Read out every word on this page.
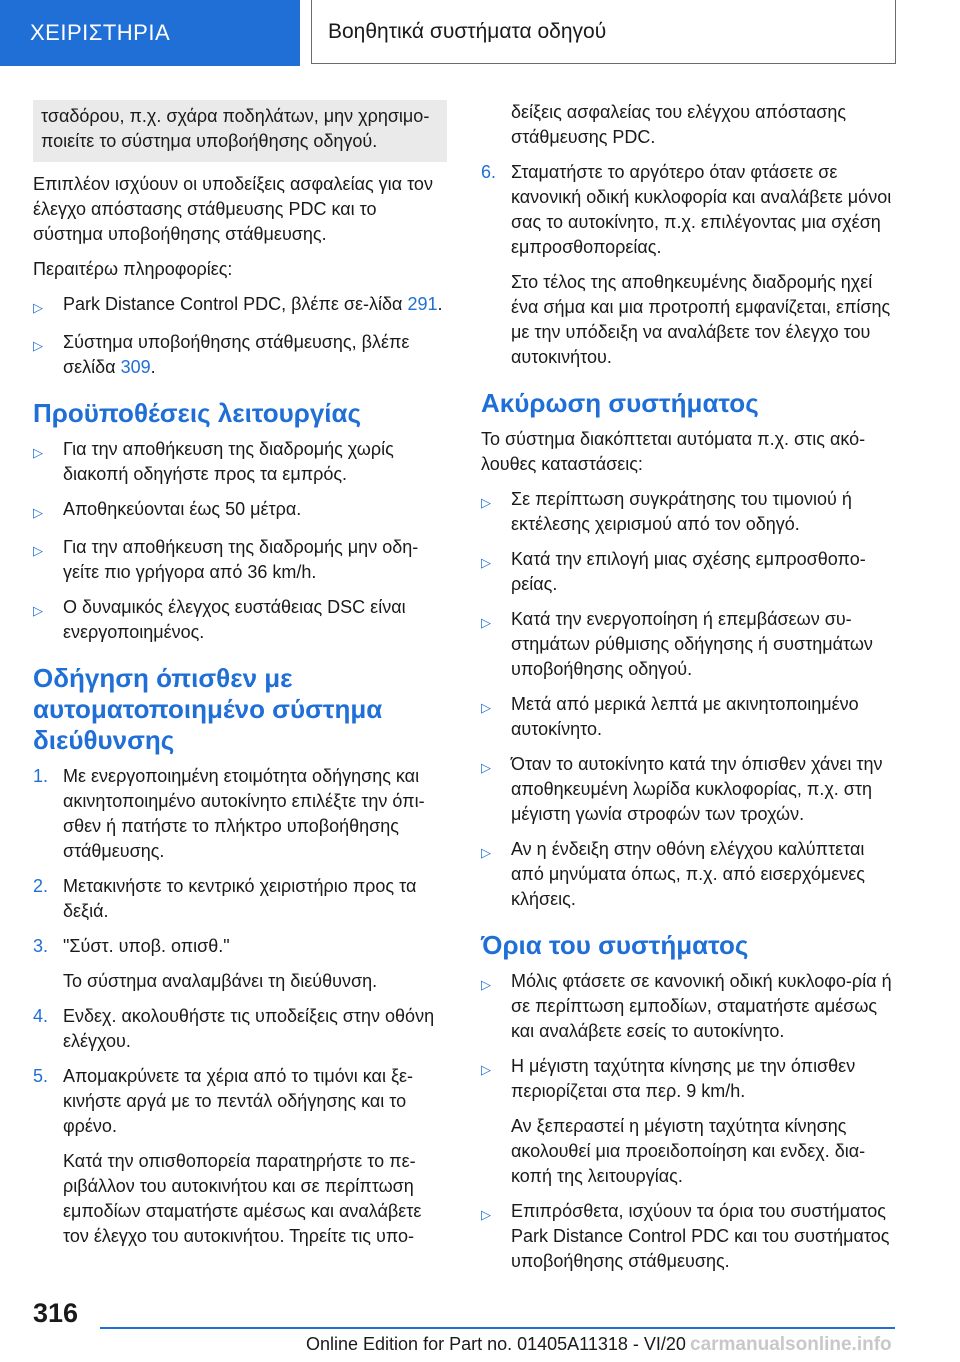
ΧΕΙΡΙΣΤΗΡΙΑ	Βοηθητικά συστήματα οδηγού
τσαδόρου, π.χ. σχάρα ποδηλάτων, μην χρησιμο-ποιείτε το σύστημα υποβοήθησης οδηγού.

Επιπλέον ισχύουν οι υποδείξεις ασφαλείας για τον έλεγχο απόστασης στάθμευσης PDC και το σύστημα υποβοήθησης στάθμευσης.

Περαιτέρω πληροφορίες:

▷	Park Distance Control PDC, βλέπε σε-λίδα 291.
▷	Σύστημα υποβοήθησης στάθμευσης, βλέπε σελίδα 309.
Προϋποθέσεις λειτουργίας
▷	Για την αποθήκευση της διαδρομής χωρίς διακοπή οδηγήστε προς τα εμπρός.
▷	Αποθηκεύονται έως 50 μέτρα.
▷	Για την αποθήκευση της διαδρομής μην οδη-γείτε πιο γρήγορα από 36 km/h.
▷	Ο δυναμικός έλεγχος ευστάθειας DSC είναι ενεργοποιημένος.
Οδήγηση όπισθεν με αυτοματοποιημένο σύστημα διεύθυνσης
1. Με ενεργοποιημένη ετοιμότητα οδήγησης και ακινητοποιημένο αυτοκίνητο επιλέξτε την όπι-σθεν ή πατήστε το πλήκτρο υποβοήθησης στάθμευσης.
2. Μετακινήστε το κεντρικό χειριστήριο προς τα δεξιά.
3. "Σύστ. υποβ. οπισθ."
Το σύστημα αναλαμβάνει τη διεύθυνση.
4. Ενδεχ. ακολουθήστε τις υποδείξεις στην οθόνη ελέγχου.
5. Απομακρύνετε τα χέρια από το τιμόνι και ξε-κινήστε αργά με το πεντάλ οδήγησης και το φρένο.
Κατά την οπισθοπορεία παρατηρήστε το πε-ριβάλλον του αυτοκινήτου και σε περίπτωση εμποδίων σταματήστε αμέσως και αναλάβετε τον έλεγχο του αυτοκινήτου. Τηρείτε τις υπο-
δείξεις ασφαλείας του ελέγχου απόστασης στάθμευσης PDC.
6. Σταματήστε το αργότερο όταν φτάσετε σε κανονική οδική κυκλοφορία και αναλάβετε μόνοι σας το αυτοκίνητο, π.χ. επιλέγοντας μια σχέση εμπροσθοπορείας.
Στο τέλος της αποθηκευμένης διαδρομής ηχεί ένα σήμα και μια προτροπή εμφανίζεται, επίσης με την υπόδειξη να αναλάβετε τον έλεγχο του αυτοκινήτου.
Ακύρωση συστήματος

Το σύστημα διακόπτεται αυτόματα π.χ. στις ακό-λουθες καταστάσεις:

▷	Σε περίπτωση συγκράτησης του τιμονιού ή εκτέλεσης χειρισμού από τον οδηγό.
▷	Κατά την επιλογή μιας σχέσης εμπροσθοπο-ρείας.
▷	Κατά την ενεργοποίηση ή επεμβάσεων συ-στημάτων ρύθμισης οδήγησης ή συστημάτων υποβοήθησης οδηγού.
▷	Μετά από μερικά λεπτά με ακινητοποιημένο αυτοκίνητο.
▷	Όταν το αυτοκίνητο κατά την όπισθεν χάνει την αποθηκευμένη λωρίδα κυκλοφορίας, π.χ. στη μέγιστη γωνία στροφών των τροχών.
▷	Αν η ένδειξη στην οθόνη ελέγχου καλύπτεται από μηνύματα όπως, π.χ. από εισερχόμενες κλήσεις.
Όρια του συστήματος
▷	Μόλις φτάσετε σε κανονική οδική κυκλοφο-ρία ή σε περίπτωση εμποδίων, σταματήστε αμέσως και αναλάβετε εσείς το αυτοκίνητο.
▷	Η μέγιστη ταχύτητα κίνησης με την όπισθεν περιορίζεται στα περ. 9 km/h.
Αν ξεπεραστεί η μέγιστη ταχύτητα κίνησης ακολουθεί μια προειδοποίηση και ενδεχ. δια-κοπή της λειτουργίας.
▷	Επιπρόσθετα, ισχύουν τα όρια του συστήματος Park Distance Control PDC και του συστήματος υποβοήθησης στάθμευσης.
316
Online Edition for Part no. 01405A11318 - VI/20 carmanualsonline.info
